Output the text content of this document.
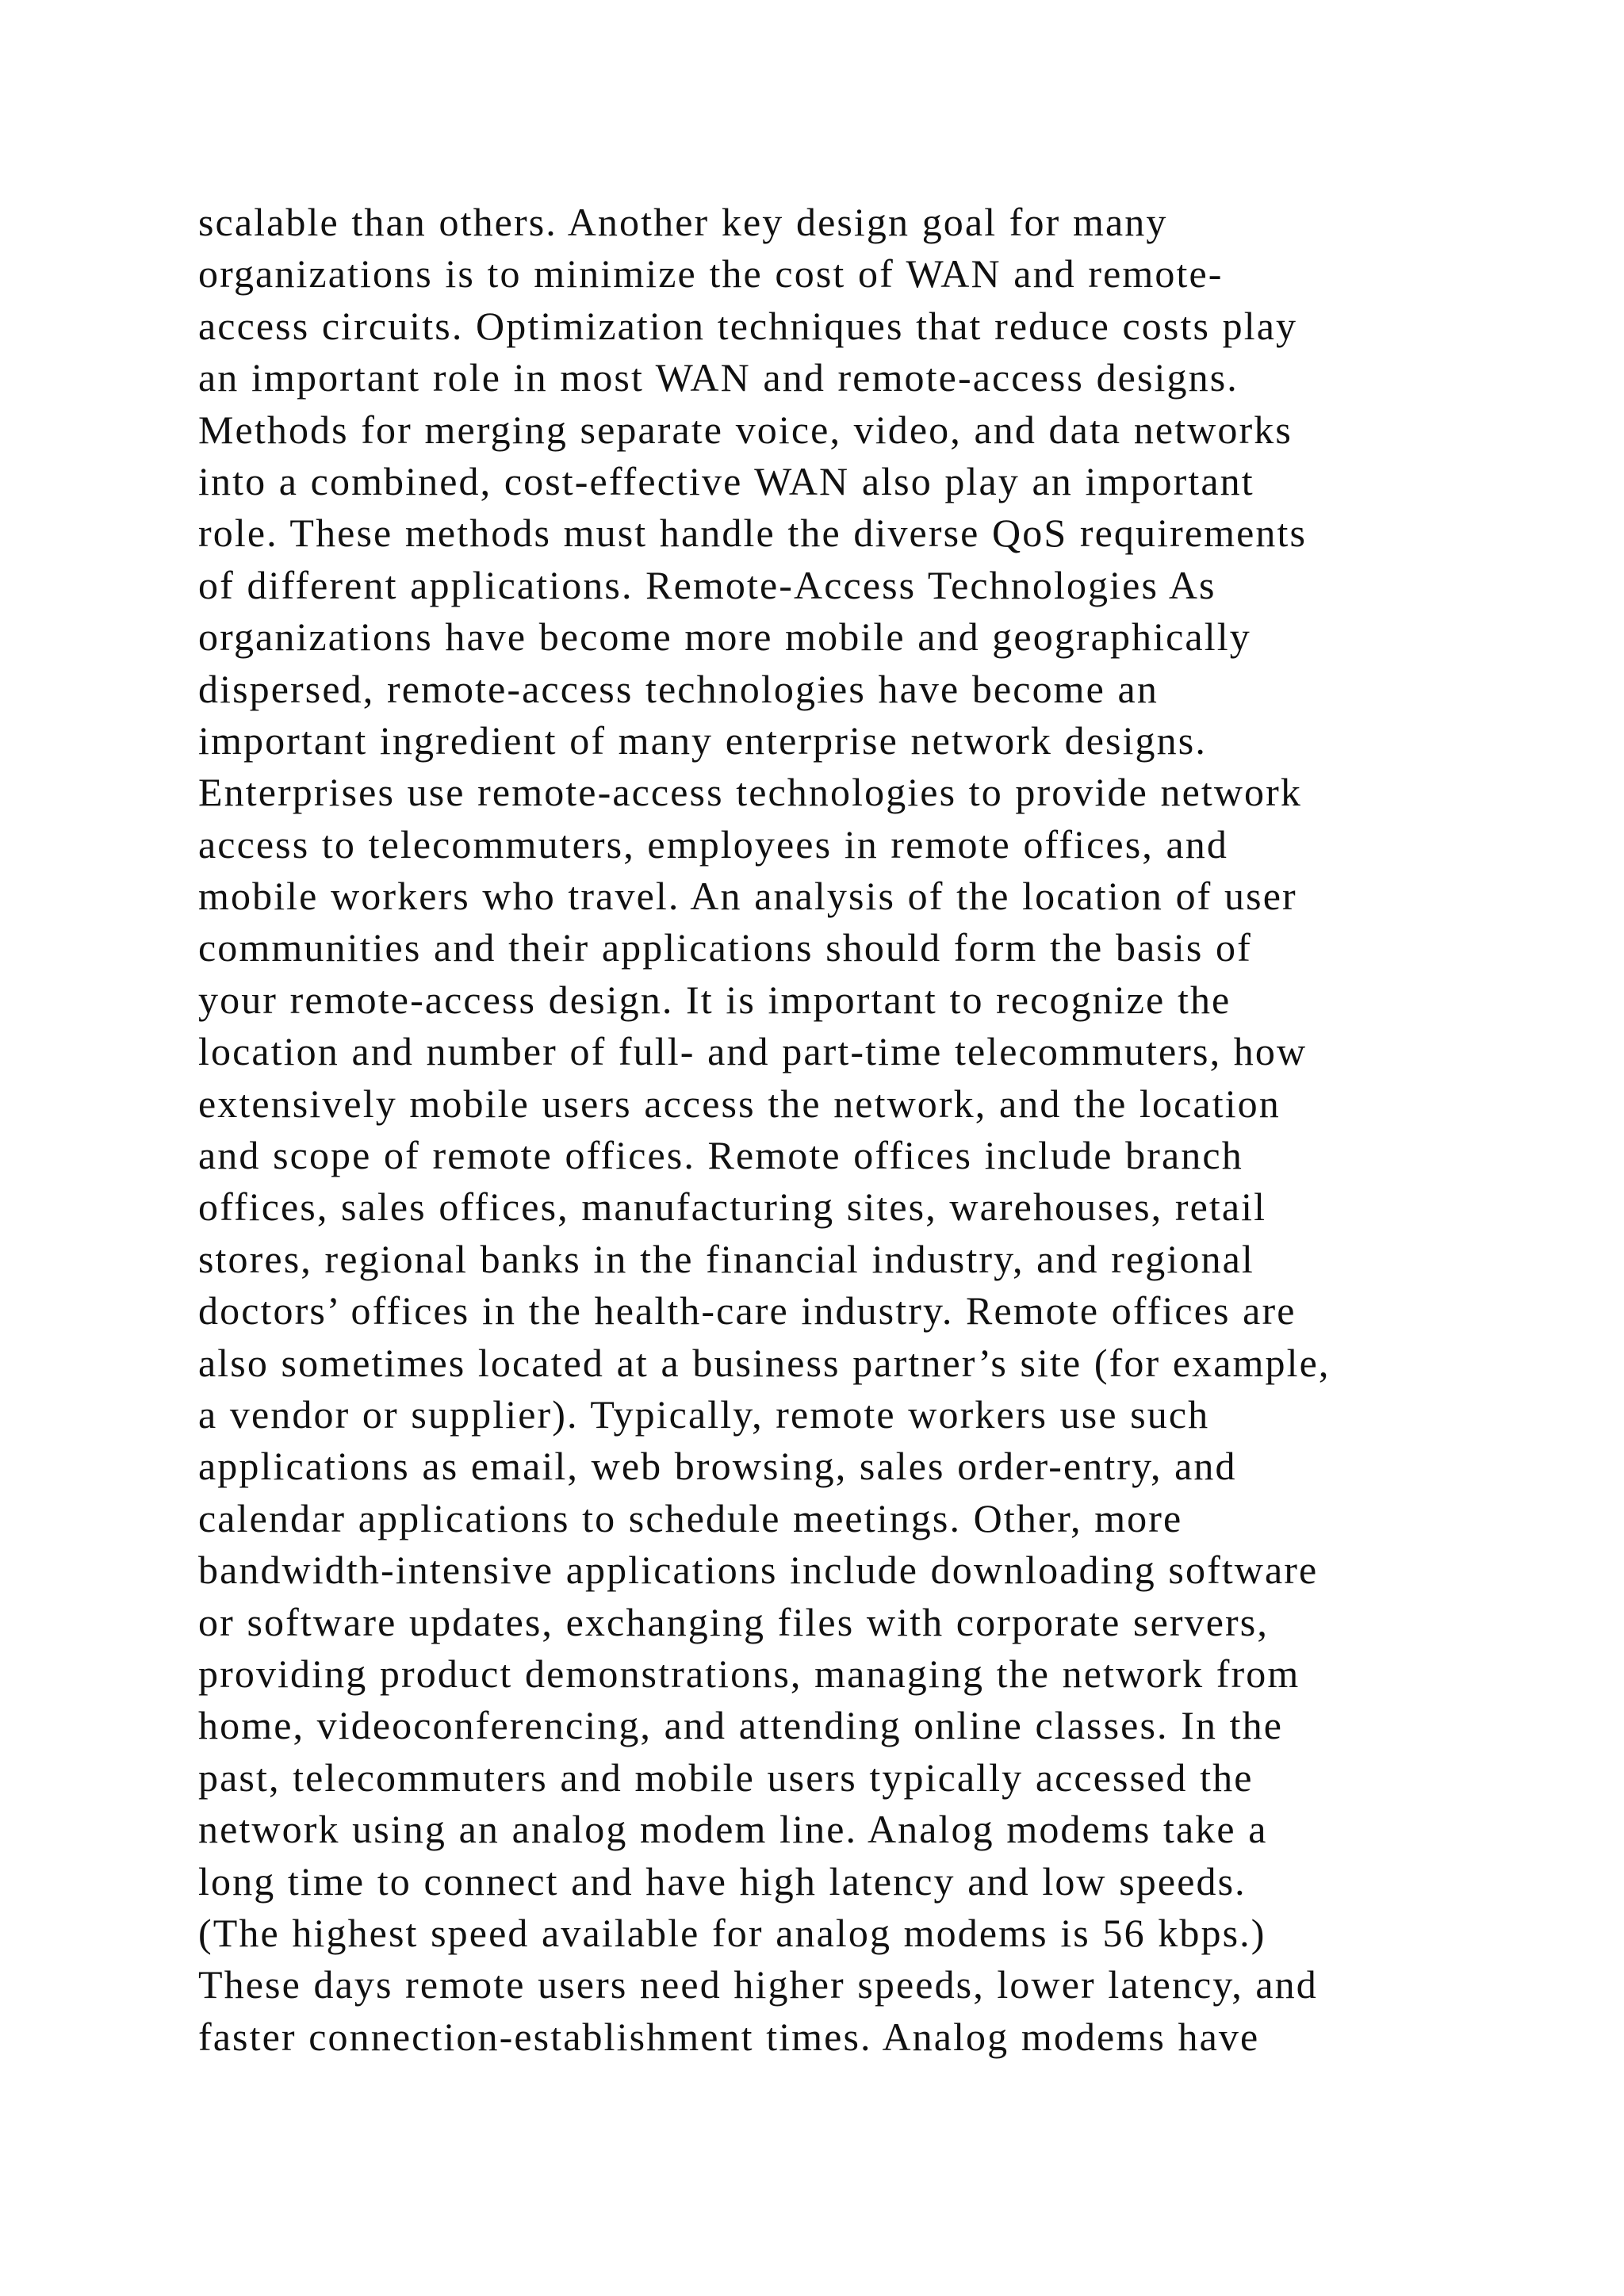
scalable than others. Another key design goal for many
organizations is to minimize the cost of WAN and remote-
access circuits. Optimization techniques that reduce costs play
an important role in most WAN and remote-access designs.
Methods for merging separate voice, video, and data networks
into a combined, cost-effective WAN also play an important
role. These methods must handle the diverse QoS requirements
of different applications. Remote-Access Technologies As
organizations have become more mobile and geographically
dispersed, remote-access technologies have become an
important ingredient of many enterprise network designs.
Enterprises use remote-access technologies to provide network
access to telecommuters, employees in remote offices, and
mobile workers who travel. An analysis of the location of user
communities and their applications should form the basis of
your remote-access design. It is important to recognize the
location and number of full- and part-time telecommuters, how
extensively mobile users access the network, and the location
and scope of remote offices. Remote offices include branch
offices, sales offices, manufacturing sites, warehouses, retail
stores, regional banks in the financial industry, and regional
doctors’ offices in the health-care industry. Remote offices are
also sometimes located at a business partner’s site (for example,
a vendor or supplier). Typically, remote workers use such
applications as email, web browsing, sales order-entry, and
calendar applications to schedule meetings. Other, more
bandwidth-intensive applications include downloading software
or software updates, exchanging files with corporate servers,
providing product demonstrations, managing the network from
home, videoconferencing, and attending online classes. In the
past, telecommuters and mobile users typically accessed the
network using an analog modem line. Analog modems take a
long time to connect and have high latency and low speeds.
(The highest speed available for analog modems is 56 kbps.)
These days remote users need higher speeds, lower latency, and
faster connection-establishment times. Analog modems have
